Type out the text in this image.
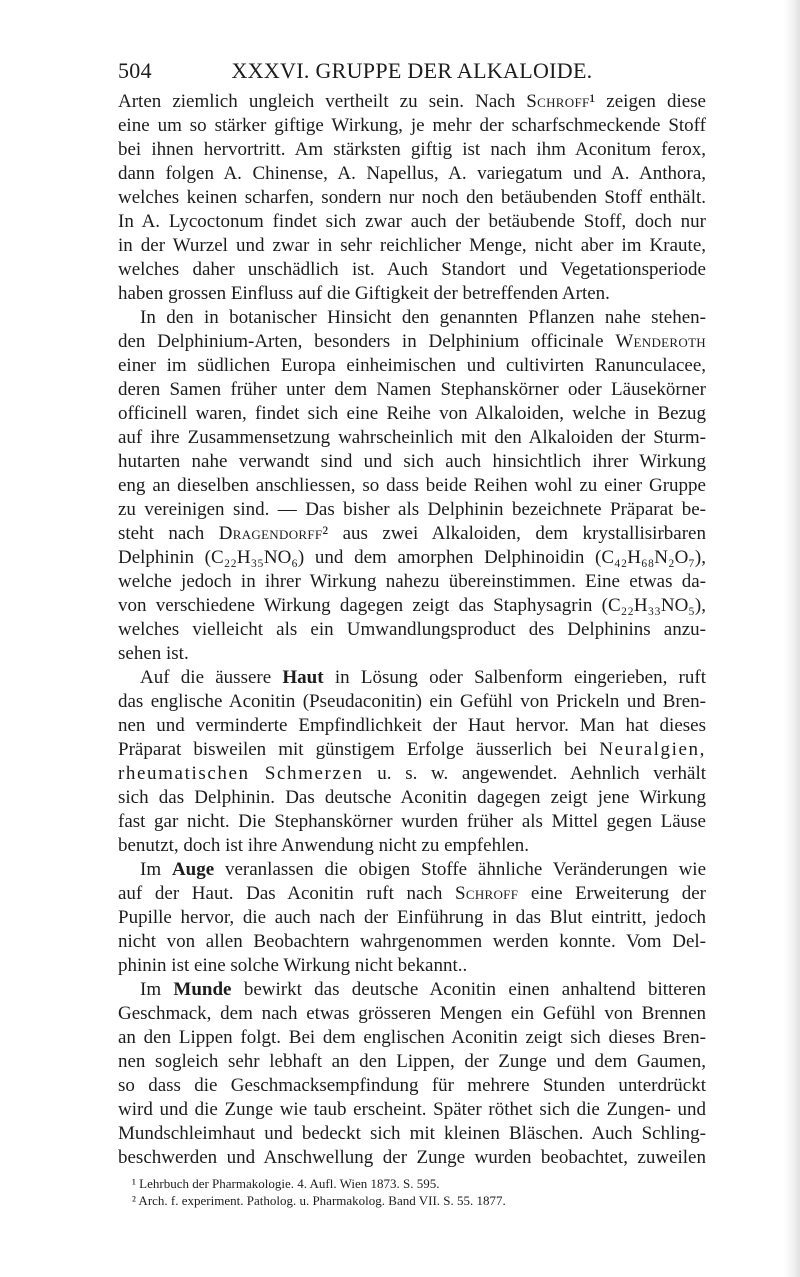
504	XXXVI. GRUPPE DER ALKALOIDE.
Arten ziemlich ungleich vertheilt zu sein. Nach Schroff¹ zeigen diese
eine um so stärker giftige Wirkung, je mehr der scharfschmeckende Stoff
bei ihnen hervortritt. Am stärksten giftig ist nach ihm Aconitum ferox,
dann folgen A. Chinense, A. Napellus, A. variegatum und A. Anthora,
welches keinen scharfen, sondern nur noch den betäubenden Stoff enthält.
In A. Lycoctonum findet sich zwar auch der betäubende Stoff, doch nur
in der Wurzel und zwar in sehr reichlicher Menge, nicht aber im Kraute,
welches daher unschädlich ist. Auch Standort und Vegetationsperiode
haben grossen Einfluss auf die Giftigkeit der betreffenden Arten.
In den in botanischer Hinsicht den genannten Pflanzen nahe stehen-
den Delphinium-Arten, besonders in Delphinium officinale Wenderoth
einer im südlichen Europa einheimischen und cultivirten Ranunculacee,
deren Samen früher unter dem Namen Stephanskörner oder Läusekörner
officinell waren, findet sich eine Reihe von Alkaloiden, welche in Bezug
auf ihre Zusammensetzung wahrscheinlich mit den Alkaloiden der Sturm-
hutarten nahe verwandt sind und sich auch hinsichtlich ihrer Wirkung
eng an dieselben anschliessen, so dass beide Reihen wohl zu einer Gruppe
zu vereinigen sind. — Das bisher als Delphinin bezeichnete Präparat be-
steht nach Dragendorff² aus zwei Alkaloiden, dem krystallisirbaren
Delphinin (C₂₂H₃₅NO₆) und dem amorphen Delphinoidin (C₄₂H₆₈N₂O₇),
welche jedoch in ihrer Wirkung nahezu übereinstimmen. Eine etwas da-
von verschiedene Wirkung dagegen zeigt das Staphysagrin (C₂₂H₃₃NO₅),
welches vielleicht als ein Umwandlungsproduct des Delphinins anzu-
sehen ist.
Auf die äussere Haut in Lösung oder Salbenform eingerieben, ruft
das englische Aconitin (Pseudaconitin) ein Gefühl von Prickeln und Bren-
nen und verminderte Empfindlichkeit der Haut hervor. Man hat dieses
Präparat bisweilen mit günstigem Erfolge äusserlich bei Neuralgien,
rheumatischen Schmerzen u. s. w. angewendet. Aehnlich verhält
sich das Delphinin. Das deutsche Aconitin dagegen zeigt jene Wirkung
fast gar nicht. Die Stephanskörner wurden früher als Mittel gegen Läuse
benutzt, doch ist ihre Anwendung nicht zu empfehlen.
Im Auge veranlassen die obigen Stoffe ähnliche Veränderungen wie
auf der Haut. Das Aconitin ruft nach Schroff eine Erweiterung der
Pupille hervor, die auch nach der Einführung in das Blut eintritt, jedoch
nicht von allen Beobachtern wahrgenommen werden konnte. Vom Del-
phinin ist eine solche Wirkung nicht bekannt..
Im Munde bewirkt das deutsche Aconitin einen anhaltend bitteren
Geschmack, dem nach etwas grösseren Mengen ein Gefühl von Brennen
an den Lippen folgt. Bei dem englischen Aconitin zeigt sich dieses Bren-
nen sogleich sehr lebhaft an den Lippen, der Zunge und dem Gaumen,
so dass die Geschmacksempfindung für mehrere Stunden unterdrückt
wird und die Zunge wie taub erscheint. Später röthet sich die Zungen- und
Mundschleimhaut und bedeckt sich mit kleinen Bläschen. Auch Schling-
beschwerden und Anschwellung der Zunge wurden beobachtet, zuweilen
¹ Lehrbuch der Pharmakologie. 4. Aufl. Wien 1873. S. 595.
² Arch. f. experiment. Patholog. u. Pharmakolog. Band VII. S. 55. 1877.
